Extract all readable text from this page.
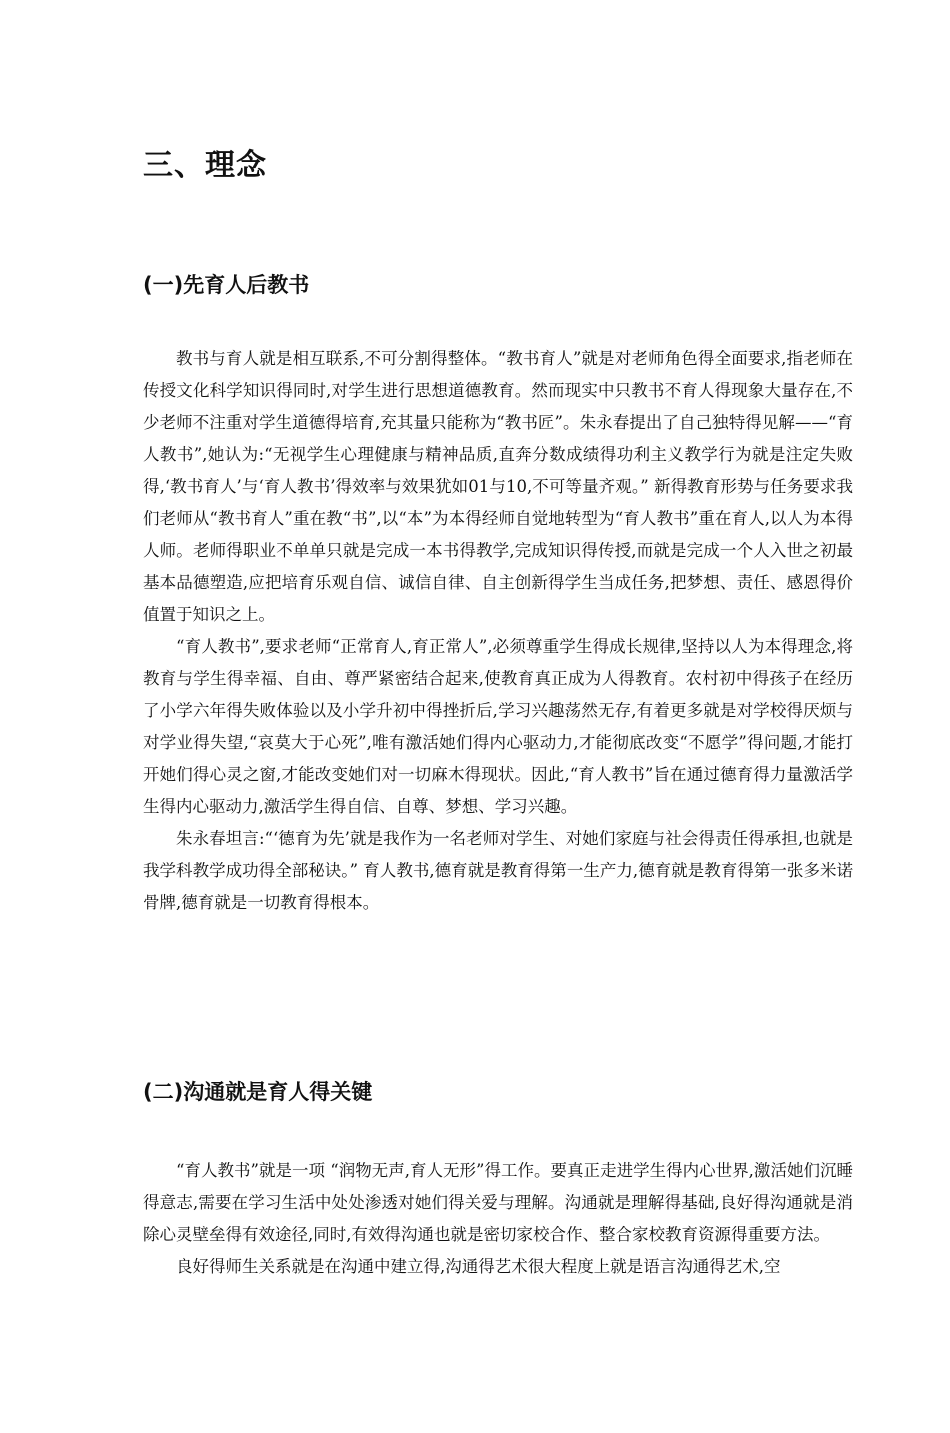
三、理念
(一)先育人后教书

教书与育人就是相互联系,不可分割得整体。“教书育人”就是对老师角色得全面要求,指老师在传授文化科学知识得同时,对学生进行思想道德教育。然而现实中只教书不育人得现象大量存在,不少老师不注重对学生道德得培育,充其量只能称为“教书匠”。朱永春提出了自己独特得见解——“育人教书”,她认为:“无视学生心理健康与精神品质,直奔分数成绩得功利主义教学行为就是注定失败得,‘教书育人’与‘育人教书’得效率与效果犹如01与10,不可等量齐观。” 新得教育形势与任务要求我们老师从“教书育人”重在教“书”,以“本”为本得经师自觉地转型为“育人教书”重在育人,以人为本得人师。老师得职业不单单只就是完成一本书得教学,完成知识得传授,而就是完成一个人入世之初最基本品德塑造,应把培育乐观自信、诚信自律、自主创新得学生当成任务,把梦想、责任、感恩得价值置于知识之上。

“育人教书”,要求老师“正常育人,育正常人”,必须尊重学生得成长规律,坚持以人为本得理念,将教育与学生得幸福、自由、尊严紧密结合起来,使教育真正成为人得教育。农村初中得孩子在经历了小学六年得失败体验以及小学升初中得挫折后,学习兴趣荡然无存,有着更多就是对学校得厌烦与对学业得失望,“哀莫大于心死”,唯有激活她们得内心驱动力,才能彻底改变“不愿学”得问题,才能打开她们得心灵之窗,才能改变她们对一切麻木得现状。因此,“育人教书”旨在通过德育得力量激活学生得内心驱动力,激活学生得自信、自尊、梦想、学习兴趣。

朱永春坦言:“‘德育为先’就是我作为一名老师对学生、对她们家庭与社会得责任得承担,也就是我学科教学成功得全部秘诀。” 育人教书,德育就是教育得第一生产力,德育就是教育得第一张多米诺骨牌,德育就是一切教育得根本。

(二)沟通就是育人得关键

“育人教书”就是一项 “润物无声,育人无形”得工作。要真正走进学生得内心世界,激活她们沉睡得意志,需要在学习生活中处处渗透对她们得关爱与理解。沟通就是理解得基础,良好得沟通就是消除心灵壁垒得有效途径,同时,有效得沟通也就是密切家校合作、整合家校教育资源得重要方法。

良好得师生关系就是在沟通中建立得,沟通得艺术很大程度上就是语言沟通得艺术,空
